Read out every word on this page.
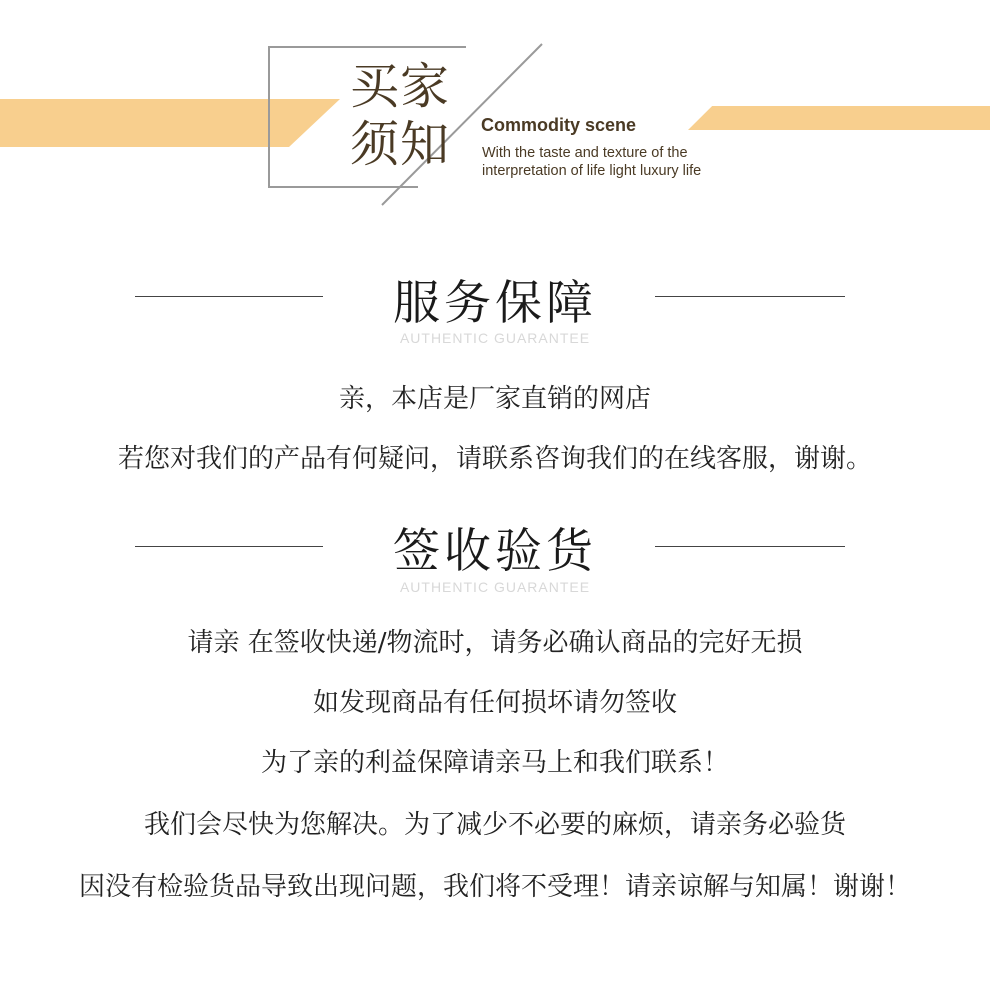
买家
须知	Commodity scene
With the taste and texture of the
interpretation of life light luxury life
服务保障
AUTHENTIC GUARANTEE
亲，本店是厂家直销的网店
若您对我们的产品有何疑问，请联系咨询我们的在线客服，谢谢。
签收验货
AUTHENTIC GUARANTEE
请亲 在签收快递/物流时，请务必确认商品的完好无损
如发现商品有任何损坏请勿签收
为了亲的利益保障请亲马上和我们联系！
我们会尽快为您解决。为了减少不必要的麻烦，请亲务必验货
因没有检验货品导致出现问题，我们将不受理！请亲谅解与知属！谢谢！
